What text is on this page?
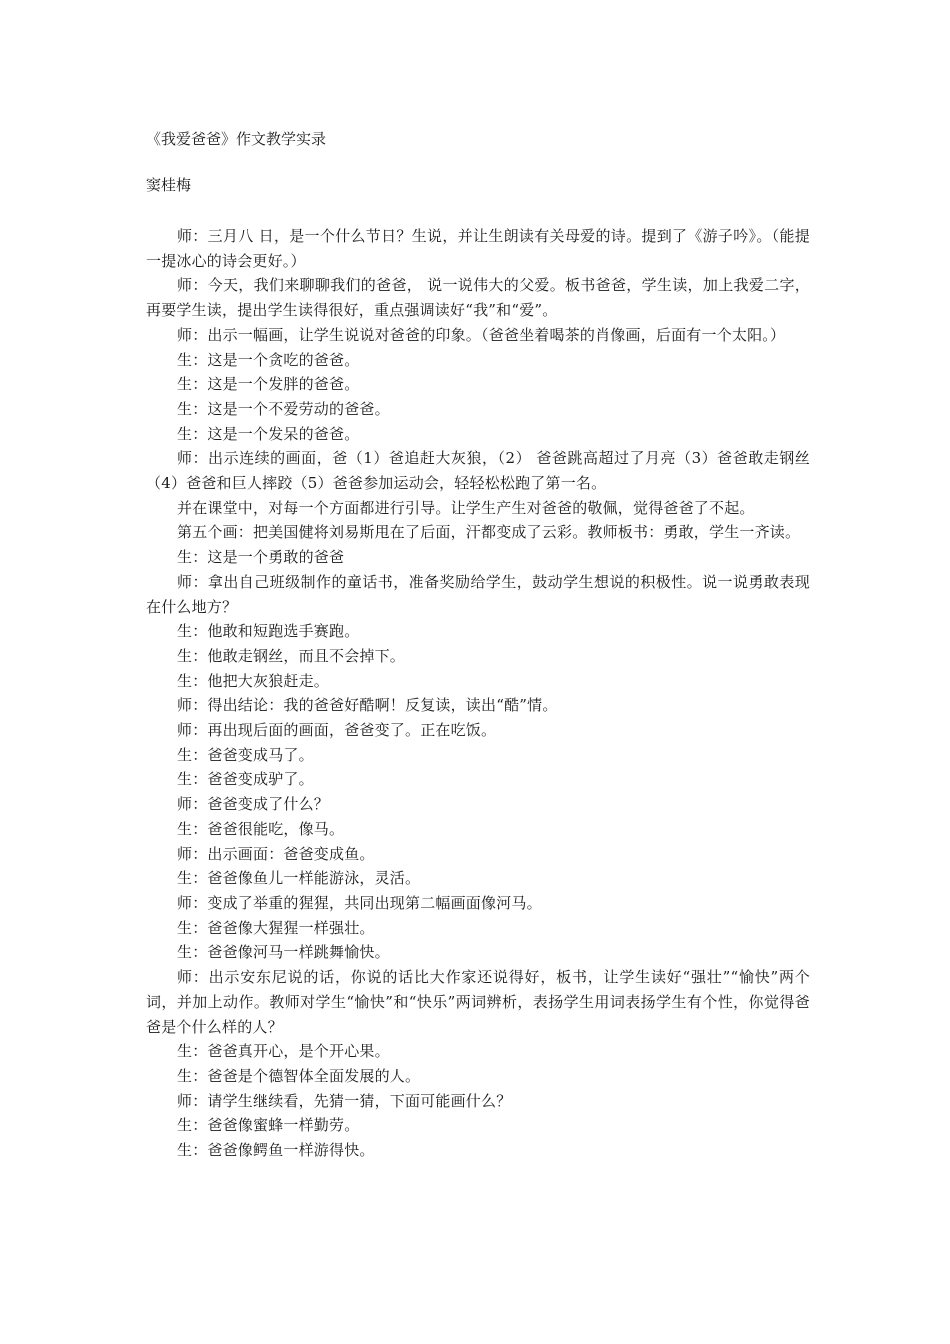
《我爱爸爸》作文教学实录

窦桂梅

师：三月八 日，是一个什么节日？生说，并让生朗读有关母爱的诗。提到了《游子吟》。（能提一提冰心的诗会更好。）

师：今天，我们来聊聊我们的爸爸， 说一说伟大的父爱。板书爸爸，学生读，加上我爱二字，再要学生读，提出学生读得很好，重点强调读好“我”和“爱”。

师：出示一幅画，让学生说说对爸爸的印象。（爸爸坐着喝茶的肖像画，后面有一个太阳。）

生：这是一个贪吃的爸爸。

生：这是一个发胖的爸爸。

生：这是一个不爱劳动的爸爸。

生：这是一个发呆的爸爸。

师：出示连续的画面，爸（1）爸追赶大灰狼，（2） 爸爸跳高超过了月亮（3）爸爸敢走钢丝（4）爸爸和巨人摔跤（5）爸爸参加运动会，轻轻松松跑了第一名。

并在课堂中，对每一个方面都进行引导。让学生产生对爸爸的敬佩，觉得爸爸了不起。

第五个画：把美国健将刘易斯甩在了后面，汗都变成了云彩。教师板书：勇敢，学生一齐读。

生：这是一个勇敢的爸爸

师：拿出自己班级制作的童话书，准备奖励给学生，鼓动学生想说的积极性。说一说勇敢表现在什么地方？

生：他敢和短跑选手赛跑。

生：他敢走钢丝，而且不会掉下。

生：他把大灰狼赶走。

师：得出结论：我的爸爸好酷啊！反复读，读出“酷”情。

师：再出现后面的画面，爸爸变了。正在吃饭。

生：爸爸变成马了。

生：爸爸变成驴了。

师：爸爸变成了什么？

生：爸爸很能吃，像马。

师：出示画面：爸爸变成鱼。

生：爸爸像鱼儿一样能游泳，灵活。

师：变成了举重的猩猩，共同出现第二幅画面像河马。

生：爸爸像大猩猩一样强壮。

生：爸爸像河马一样跳舞愉快。

师：出示安东尼说的话，你说的话比大作家还说得好，板书，让学生读好“强壮”“愉快”两个词，并加上动作。教师对学生“愉快”和“快乐”两词辨析，表扬学生用词表扬学生有个性，你觉得爸爸是个什么样的人？

生：爸爸真开心，是个开心果。

生：爸爸是个德智体全面发展的人。

师：请学生继续看，先猜一猜，下面可能画什么？

生：爸爸像蜜蜂一样勤劳。

生：爸爸像鳄鱼一样游得快。
